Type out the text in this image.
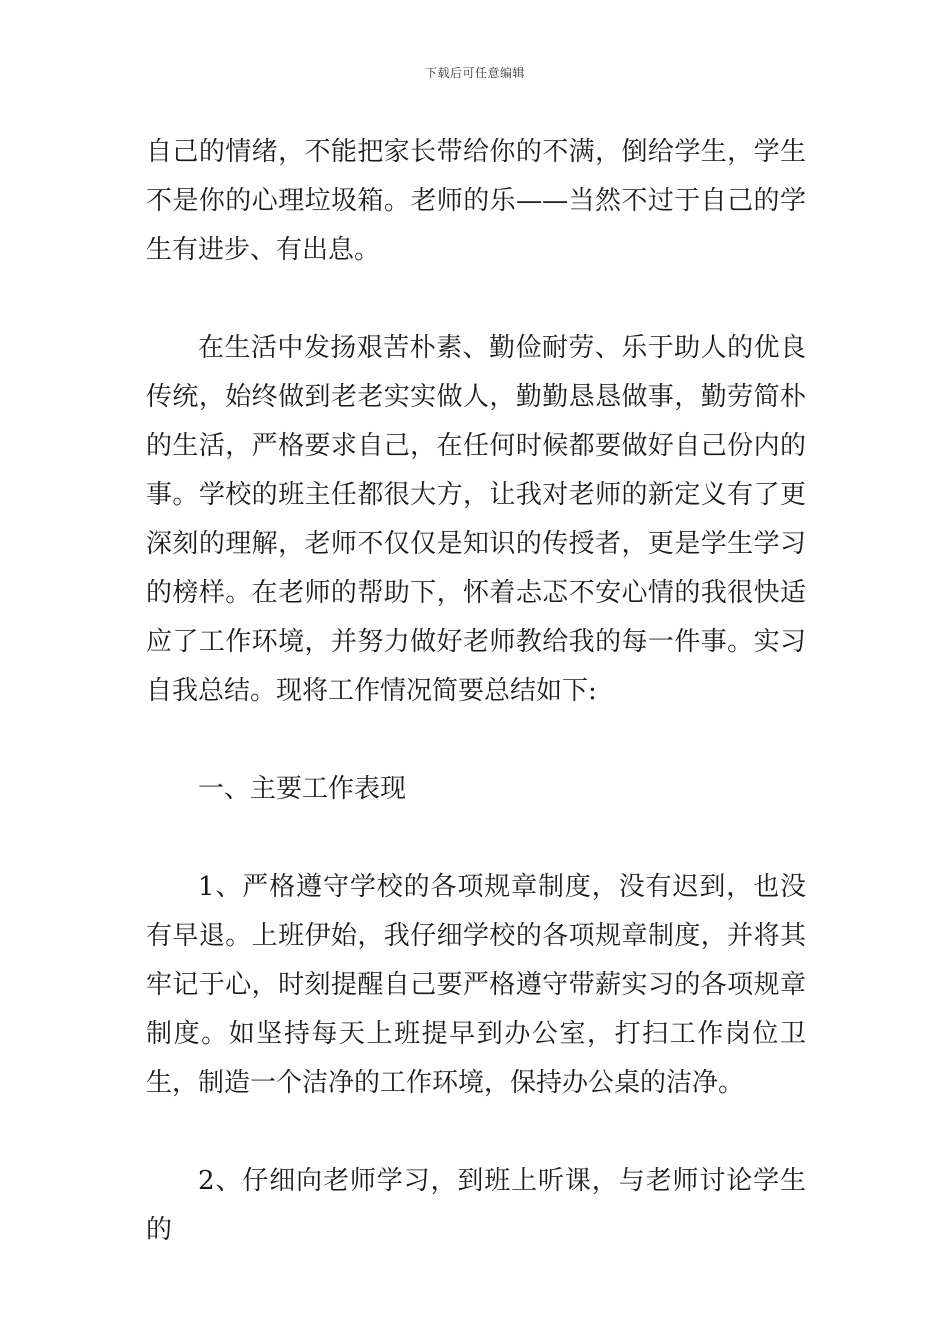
下载后可任意编辑

自己的情绪，不能把家长带给你的不满，倒给学生，学生不是你的心理垃圾箱。老师的乐——当然不过于自己的学生有进步、有出息。

在生活中发扬艰苦朴素、勤俭耐劳、乐于助人的优良传统，始终做到老老实实做人，勤勤恳恳做事，勤劳简朴的生活，严格要求自己，在任何时候都要做好自己份内的事。学校的班主任都很大方，让我对老师的新定义有了更深刻的理解，老师不仅仅是知识的传授者，更是学生学习的榜样。在老师的帮助下，怀着忐忑不安心情的我很快适应了工作环境，并努力做好老师教给我的每一件事。实习自我总结。现将工作情况简要总结如下:

一、主要工作表现

1、严格遵守学校的各项规章制度，没有迟到，也没有早退。上班伊始，我仔细学校的各项规章制度，并将其牢记于心，时刻提醒自己要严格遵守带薪实习的各项规章制度。如坚持每天上班提早到办公室，打扫工作岗位卫生，制造一个洁净的工作环境，保持办公桌的洁净。

2、仔细向老师学习，到班上听课，与老师讨论学生的
